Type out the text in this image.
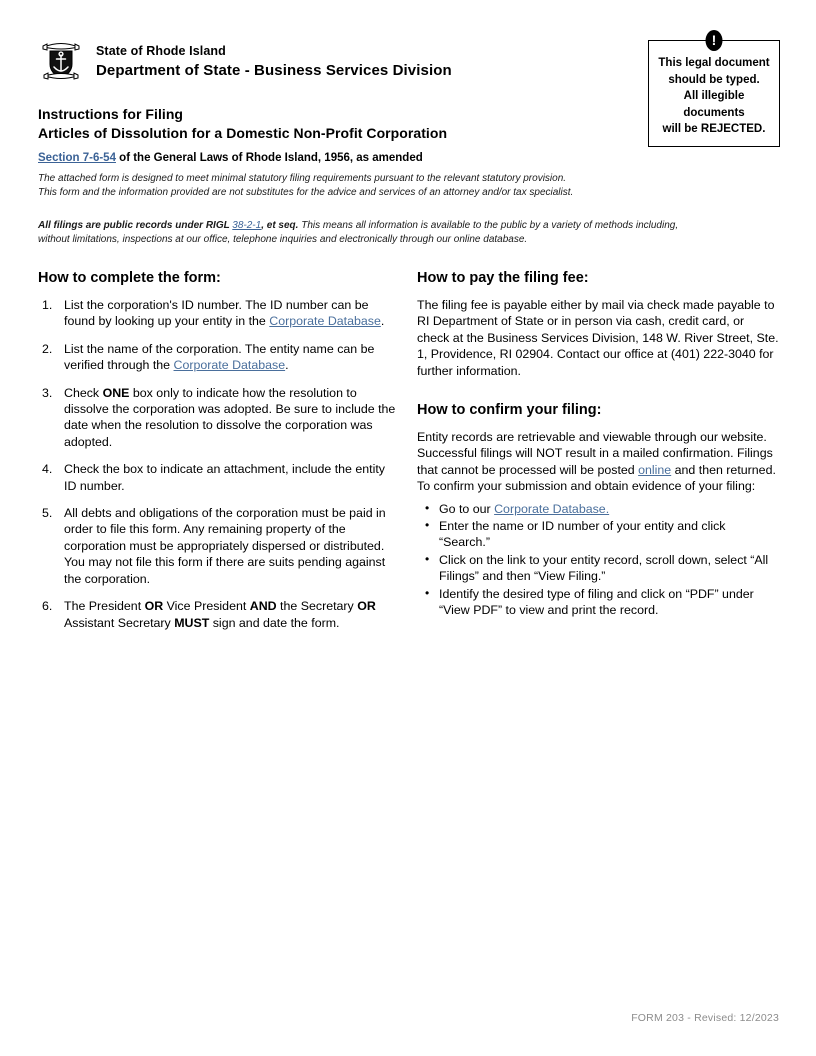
State of Rhode Island
Department of State - Business Services Division
!
This legal document
should be typed.
All illegible
documents
will be REJECTED.
Instructions for Filing
Articles of Dissolution for a Domestic Non-Profit Corporation
Section 7-6-54 of the General Laws of Rhode Island, 1956, as amended
The attached form is designed to meet minimal statutory filing requirements pursuant to the relevant statutory provision.
This form and the information provided are not substitutes for the advice and services of an attorney and/or tax specialist.
All filings are public records under RIGL 38-2-1, et seq. This means all information is available to the public by a variety of methods including, without limitations, inspections at our office, telephone inquiries and electronically through our online database.
How to complete the form:
List the corporation's ID number. The ID number can be found by looking up your entity in the Corporate Database.
List the name of the corporation. The entity name can be verified through the Corporate Database.
Check ONE box only to indicate how the resolution to dissolve the corporation was adopted. Be sure to include the date when the resolution to dissolve the corporation was adopted.
Check the box to indicate an attachment, include the entity ID number.
All debts and obligations of the corporation must be paid in order to file this form. Any remaining property of the corporation must be appropriately dispersed or distributed. You may not file this form if there are suits pending against the corporation.
The President OR Vice President AND the Secretary OR Assistant Secretary MUST sign and date the form.
How to pay the filing fee:

The filing fee is payable either by mail via check made payable to RI Department of State or in person via cash, credit card, or check at the Business Services Division, 148 W. River Street, Ste. 1, Providence, RI 02904. Contact our office at (401) 222-3040 for further information.

How to confirm your filing:

Entity records are retrievable and viewable through our website. Successful filings will NOT result in a mailed confirmation. Filings that cannot be processed will be posted online and then returned. To confirm your submission and obtain evidence of your filing:

• Go to our Corporate Database.
• Enter the name or ID number of your entity and click “Search.”
• Click on the link to your entity record, scroll down, select “All Filings” and then “View Filing.”
• Identify the desired type of filing and click on “PDF” under “View PDF” to view and print the record.
FORM 203 - Revised: 12/2023
